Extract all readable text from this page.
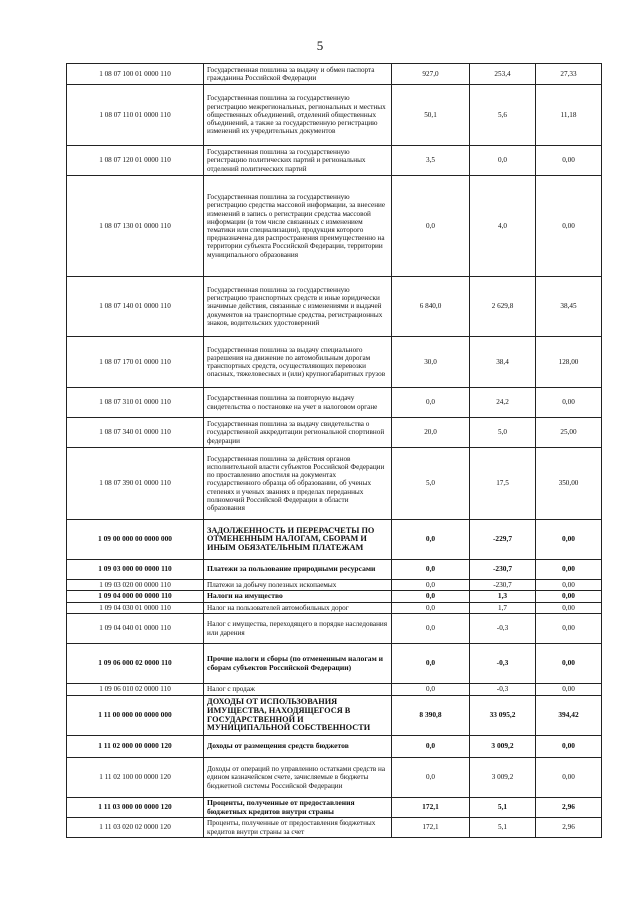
5
1 08 07 100 01 0000 110	Государственная пошлина за выдачу и обмен паспорта гражданина Российской Федерации	927,0	253,4	27,33
1 08 07 110 01 0000 110	Государственная пошлина за государственную регистрацию межрегиональных, региональных и местных общественных объединений, отделений общественных объединений, а также за государственную регистрацию изменений их учредительных документов	50,1	5,6	11,18
1 08 07 120 01 0000 110	Государственная пошлина за государственную регистрацию политических партий и региональных отделений политических партий	3,5	0,0	0,00
1 08 07 130 01 0000 110	Государственная пошлина за государственную регистрацию средства массовой информации, за внесение изменений в запись о регистрации средства массовой информации (в том числе связанных с изменением тематики или специализации), продукция которого предназначена для распространения преимущественно на территории субъекта Российской Федерации, территории муниципального образования	0,0	4,0	0,00
1 08 07 140 01 0000 110	Государственная пошлина за государственную регистрацию транспортных средств и иные юридически значимые действия, связанные с изменениями и выдачей документов на транспортные средства, регистрационных знаков, водительских удостоверений	6 840,0	2 629,8	38,45
1 08 07 170 01 0000 110	Государственная пошлина за выдачу специального разрешения на движение по автомобильным дорогам транспортных средств, осуществляющих перевозки опасных, тяжеловесных и (или) крупногабаритных грузов	30,0	38,4	128,00
1 08 07 310 01 0000 110	Государственная пошлина за повторную выдачу свидетельства о постановке на учет в налоговом органе	0,0	24,2	0,00
1 08 07 340 01 0000 110	Государственная пошлина за выдачу свидетельства о государственной аккредитации региональной спортивной федерации	20,0	5,0	25,00
1 08 07 390 01 0000 110	Государственная пошлина за действия органов исполнительной власти субъектов Российской Федерации по проставлению апостиля на документах государственного образца об образовании, об ученых степенях и ученых званиях в пределах переданных полномочий Российской Федерации в области образования	5,0	17,5	350,00
1 09 00 000 00 0000 000	ЗАДОЛЖЕННОСТЬ И ПЕРЕРАСЧЕТЫ ПО ОТМЕНЕННЫМ НАЛОГАМ, СБОРАМ И ИНЫМ ОБЯЗАТЕЛЬНЫМ ПЛАТЕЖАМ	0,0	-229,7	0,00
1 09 03 000 00 0000 110	Платежи за пользование природными ресурсами	0,0	-230,7	0,00
1 09 03 020 00 0000 110	Платежи за добычу полезных ископаемых	0,0	-230,7	0,00
1 09 04 000 00 0000 110	Налоги на имущество	0,0	1,3	0,00
1 09 04 030 01 0000 110	Налог на пользователей автомобильных дорог	0,0	1,7	0,00
1 09 04 040 01 0000 110	Налог с имущества, переходящего в порядке наследования или дарения	0,0	-0,3	0,00
1 09 06 000 02 0000 110	Прочие налоги и сборы (по отмененным налогам и сборам субъектов Российской Федерации)	0,0	-0,3	0,00
1 09 06 010 02 0000 110	Налог с продаж	0,0	-0,3	0,00
1 11 00 000 00 0000 000	ДОХОДЫ ОТ ИСПОЛЬЗОВАНИЯ ИМУЩЕСТВА, НАХОДЯЩЕГОСЯ В ГОСУДАРСТВЕННОЙ И МУНИЦИПАЛЬНОЙ СОБСТВЕННОСТИ	8 390,8	33 095,2	394,42
1 11 02 000 00 0000 120	Доходы от размещения средств бюджетов	0,0	3 009,2	0,00
1 11 02 100 00 0000 120	Доходы от операций по управлению остатками средств на едином казначейском счете, зачисляемые в бюджеты бюджетной системы Российской Федерации	0,0	3 009,2	0,00
1 11 03 000 00 0000 120	Проценты, полученные от предоставления бюджетных кредитов внутри страны	172,1	5,1	2,96
1 11 03 020 02 0000 120	Проценты, полученные от предоставления бюджетных кредитов внутри страны за счет	172,1	5,1	2,96
